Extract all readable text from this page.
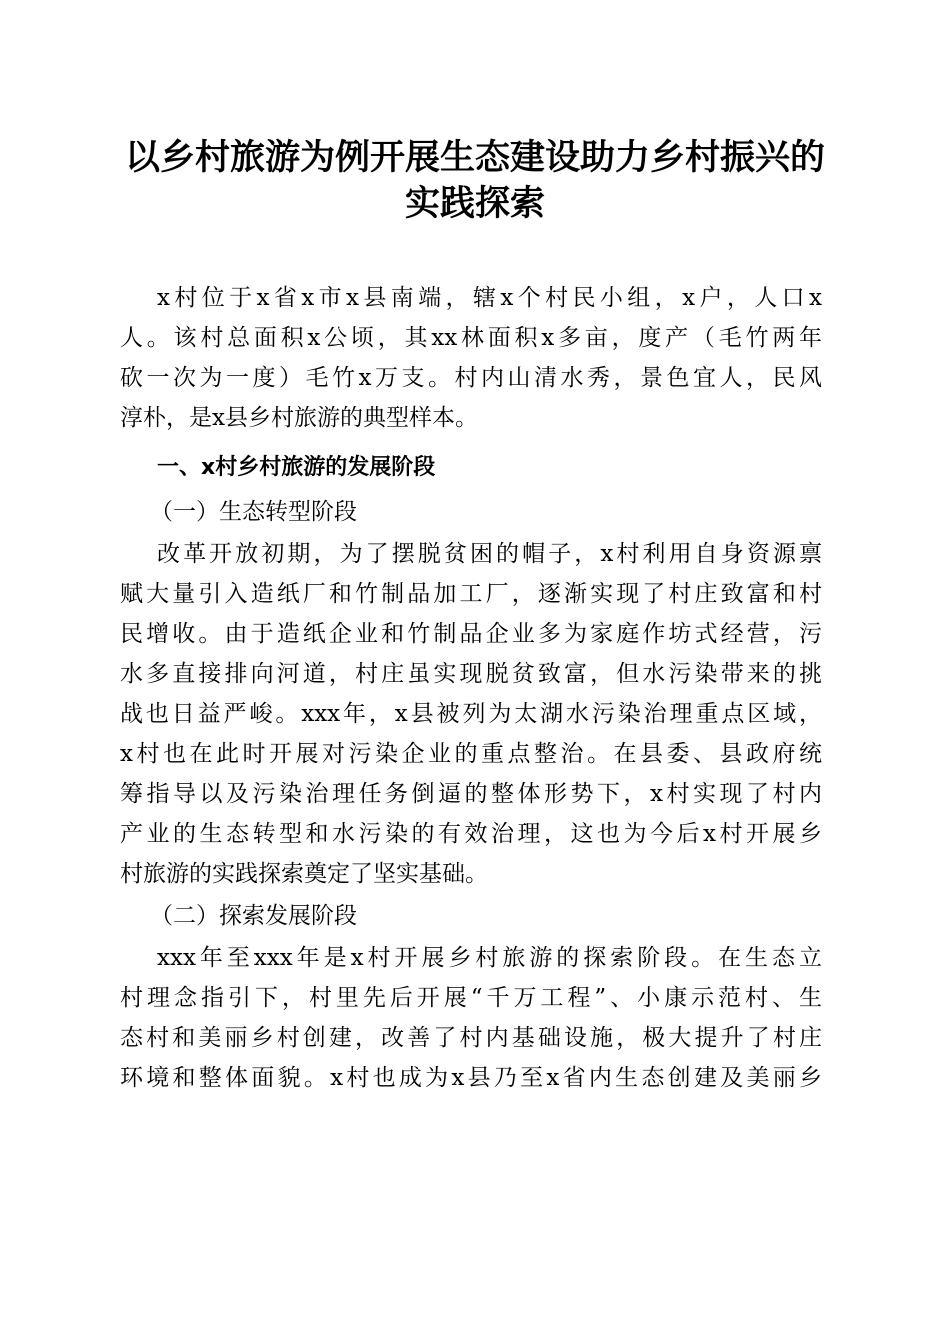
以乡村旅游为例开展生态建设助力乡村振兴的
实践探索
x村位于x省x市x县南端，辖x个村民小组，x户，人口x
人。该村总面积x公顷，其xx林面积x多亩，度产（毛竹两年
砍一次为一度）毛竹x万支。村内山清水秀，景色宜人，民风
淳朴，是x县乡村旅游的典型样本。
一、x村乡村旅游的发展阶段
（一）生态转型阶段
改革开放初期，为了摆脱贫困的帽子，x村利用自身资源禀
赋大量引入造纸厂和竹制品加工厂，逐渐实现了村庄致富和村
民增收。由于造纸企业和竹制品企业多为家庭作坊式经营，污
水多直接排向河道，村庄虽实现脱贫致富，但水污染带来的挑
战也日益严峻。xxx年，x县被列为太湖水污染治理重点区域，
x村也在此时开展对污染企业的重点整治。在县委、县政府统
筹指导以及污染治理任务倒逼的整体形势下，x村实现了村内
产业的生态转型和水污染的有效治理，这也为今后x村开展乡
村旅游的实践探索奠定了坚实基础。
（二）探索发展阶段
xxx年至xxx年是x村开展乡村旅游的探索阶段。在生态立
村理念指引下，村里先后开展“千万工程”、小康示范村、生
态村和美丽乡村创建，改善了村内基础设施，极大提升了村庄
环境和整体面貌。x村也成为x县乃至x省内生态创建及美丽乡
